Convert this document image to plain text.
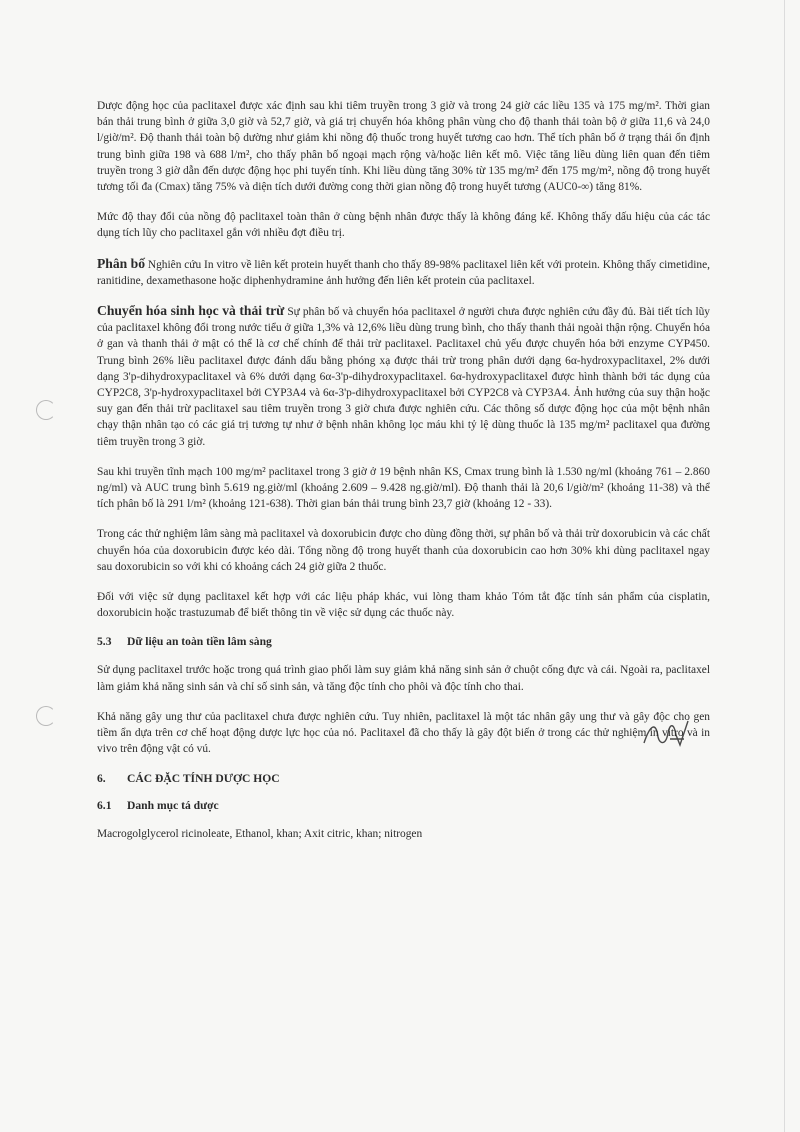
Dược động học của paclitaxel được xác định sau khi tiêm truyền trong 3 giờ và trong 24 giờ các liều 135 và 175 mg/m². Thời gian bán thải trung bình ở giữa 3,0 giờ và 52,7 giờ, và giá trị chuyển hóa không phân vùng cho độ thanh thải toàn bộ ở giữa 11,6 và 24,0 l/giờ/m². Độ thanh thải toàn bộ dường như giảm khi nồng độ thuốc trong huyết tương cao hơn. Thể tích phân bố ở trạng thái ổn định trung bình giữa 198 và 688 l/m², cho thấy phân bố ngoại mạch rộng và/hoặc liên kết mô. Việc tăng liều dùng liên quan đến tiêm truyền trong 3 giờ dẫn đến dược động học phi tuyến tính. Khi liều dùng tăng 30% từ 135 mg/m² đến 175 mg/m², nồng độ trong huyết tương tối đa (Cmax) tăng 75% và diện tích dưới đường cong thời gian nồng độ trong huyết tương (AUC0-∞) tăng 81%.

Mức độ thay đổi của nồng độ paclitaxel toàn thân ở cùng bệnh nhân được thấy là không đáng kể. Không thấy dấu hiệu của các tác dụng tích lũy cho paclitaxel gắn với nhiều đợt điều trị.

Phân bố Nghiên cứu In vitro về liên kết protein huyết thanh cho thấy 89-98% paclitaxel liên kết với protein. Không thấy cimetidine, ranitidine, dexamethasone hoặc diphenhydramine ảnh hưởng đến liên kết protein của paclitaxel.

Chuyển hóa sinh học và thải trừ Sự phân bố và chuyển hóa paclitaxel ở người chưa được nghiên cứu đầy đủ. Bài tiết tích lũy của paclitaxel không đổi trong nước tiểu ở giữa 1,3% và 12,6% liều dùng trung bình, cho thấy thanh thải ngoài thận rộng. Chuyển hóa ở gan và thanh thải ở mật có thể là cơ chế chính để thải trừ paclitaxel. Paclitaxel chủ yếu được chuyển hóa bởi enzyme CYP450. Trung bình 26% liều paclitaxel được đánh dấu bằng phóng xạ được thải trừ trong phân dưới dạng 6α-hydroxypaclitaxel, 2% dưới dạng 3'p-dihydroxypaclitaxel và 6% dưới dạng 6α-3'p-dihydroxypaclitaxel. 6α-hydroxypaclitaxel được hình thành bởi tác dụng của CYP2C8, 3'p-hydroxypaclitaxel bởi CYP3A4 và 6α-3'p-dihydroxypaclitaxel bởi CYP2C8 và CYP3A4. Ảnh hưởng của suy thận hoặc suy gan đến thải trừ paclitaxel sau tiêm truyền trong 3 giờ chưa được nghiên cứu. Các thông số dược động học của một bệnh nhân chạy thận nhân tạo có các giá trị tương tự như ở bệnh nhân không lọc máu khi tỷ lệ dùng thuốc là 135 mg/m² paclitaxel qua đường tiêm truyền trong 3 giờ.

Sau khi truyền tĩnh mạch 100 mg/m² paclitaxel trong 3 giờ ở 19 bệnh nhân KS, Cmax trung bình là 1.530 ng/ml (khoảng 761 – 2.860 ng/ml) và AUC trung bình 5.619 ng.giờ/ml (khoảng 2.609 – 9.428 ng.giờ/ml). Độ thanh thải là 20,6 l/giờ/m² (khoảng 11-38) và thể tích phân bố là 291 l/m² (khoảng 121-638). Thời gian bán thải trung bình 23,7 giờ (khoảng 12 - 33).

Trong các thử nghiệm lâm sàng mà paclitaxel và doxorubicin được cho dùng đồng thời, sự phân bố và thải trừ doxorubicin và các chất chuyển hóa của doxorubicin được kéo dài. Tổng nồng độ trong huyết thanh của doxorubicin cao hơn 30% khi dùng paclitaxel ngay sau doxorubicin so với khi có khoảng cách 24 giờ giữa 2 thuốc.

Đối với việc sử dụng paclitaxel kết hợp với các liệu pháp khác, vui lòng tham khảo Tóm tắt đặc tính sản phẩm của cisplatin, doxorubicin hoặc trastuzumab để biết thông tin về việc sử dụng các thuốc này.

5.3 Dữ liệu an toàn tiền lâm sàng

Sử dụng paclitaxel trước hoặc trong quá trình giao phối làm suy giảm khả năng sinh sản ở chuột cống đực và cái. Ngoài ra, paclitaxel làm giảm khả năng sinh sản và chỉ số sinh sản, và tăng độc tính cho phôi và độc tính cho thai.

Khả năng gây ung thư của paclitaxel chưa được nghiên cứu. Tuy nhiên, paclitaxel là một tác nhân gây ung thư và gây độc cho gen tiềm ẩn dựa trên cơ chế hoạt động dược lực học của nó. Paclitaxel đã cho thấy là gây đột biến ở trong các thử nghiệm in vitro và in vivo trên động vật có vú.

6. CÁC ĐẶC TÍNH DƯỢC HỌC
6.1 Danh mục tá dược

Macrogolglycerol ricinoleate, Ethanol, khan; Axit citric, khan; nitrogen
